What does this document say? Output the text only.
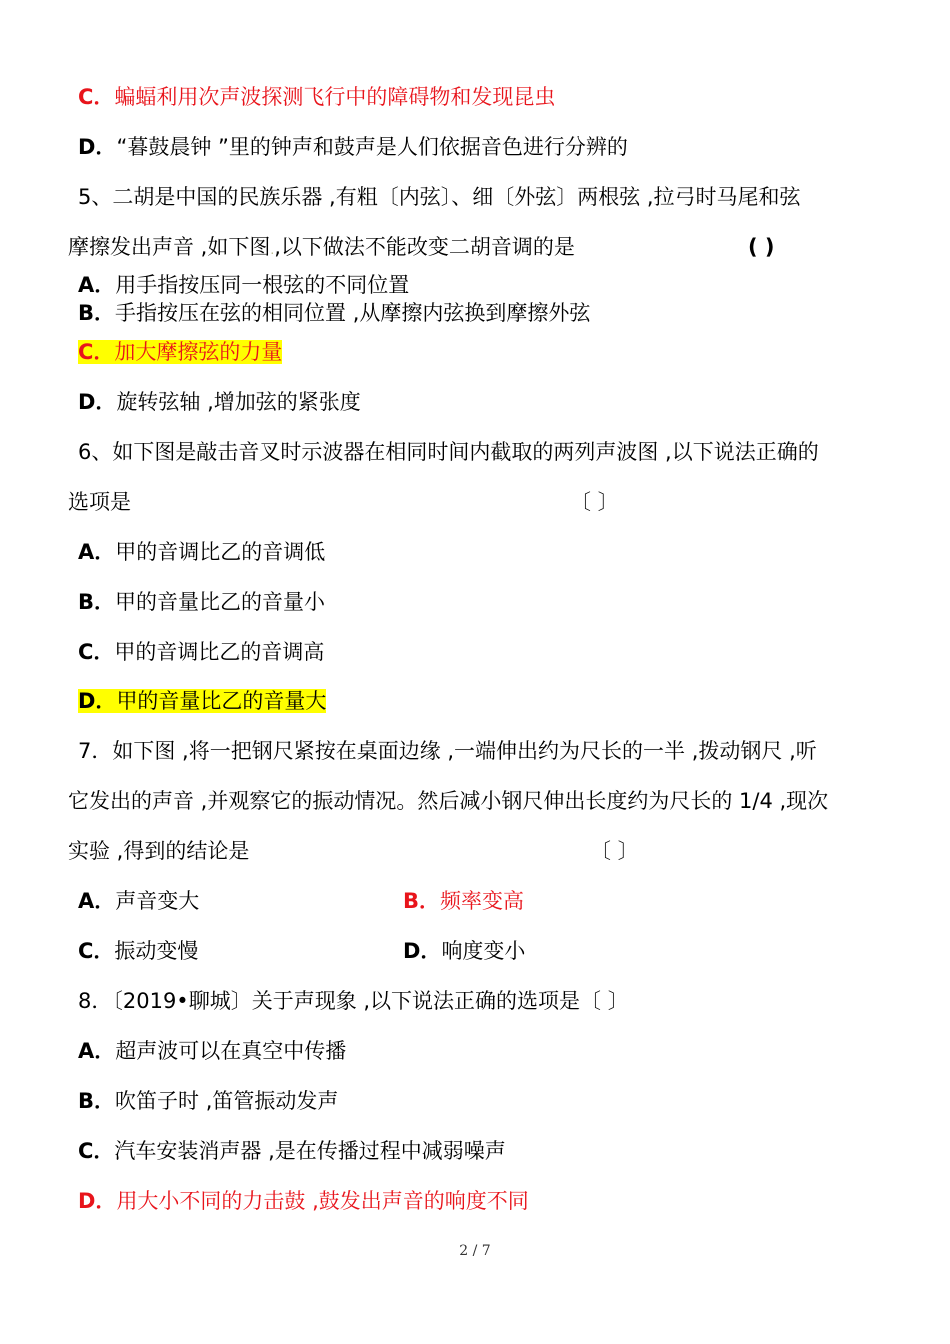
C．蝙蝠利用次声波探测飞行中的障碍物和发现昆虫
D．“暮鼓晨钟 ”里的钟声和鼓声是人们依据音色进行分辨的
5、二胡是中国的民族乐器 ,有粗〔内弦〕、细〔外弦〕两根弦 ,拉弓时马尾和弦
摩擦发出声音 ,如下图.,以下做法不能改变二胡音调的是	( )
A．用手指按压同一根弦的不同位置
B．手指按压在弦的相同位置 ,从摩擦内弦换到摩擦外弦
C．加大摩擦弦的力量
D．旋转弦轴 ,增加弦的紧张度
6、如下图是敲击音叉时示波器在相同时间内截取的两列声波图 ,以下说法正确的
选项是	〔 〕
A．甲的音调比乙的音调低
B．甲的音量比乙的音量小
C．甲的音调比乙的音调高
D．甲的音量比乙的音量大
7．如下图 ,将一把钢尺紧按在桌面边缘 ,一端伸出约为尺长的一半 ,拨动钢尺 ,听
它发出的声音 ,并观察它的振动情况。然后减小钢尺伸出长度约为尺长的 1/4 ,现次
实验 ,得到的结论是	〔 〕
A．声音变大	B．频率变高
C．振动变慢	D．响度变小
8．〔2019•聊城〕关于声现象 ,以下说法正确的选项是〔 〕
A．超声波可以在真空中传播
B．吹笛子时 ,笛管振动发声
C．汽车安装消声器 ,是在传播过程中减弱噪声
D．用大小不同的力击鼓 ,鼓发出声音的响度不同
2 / 7
